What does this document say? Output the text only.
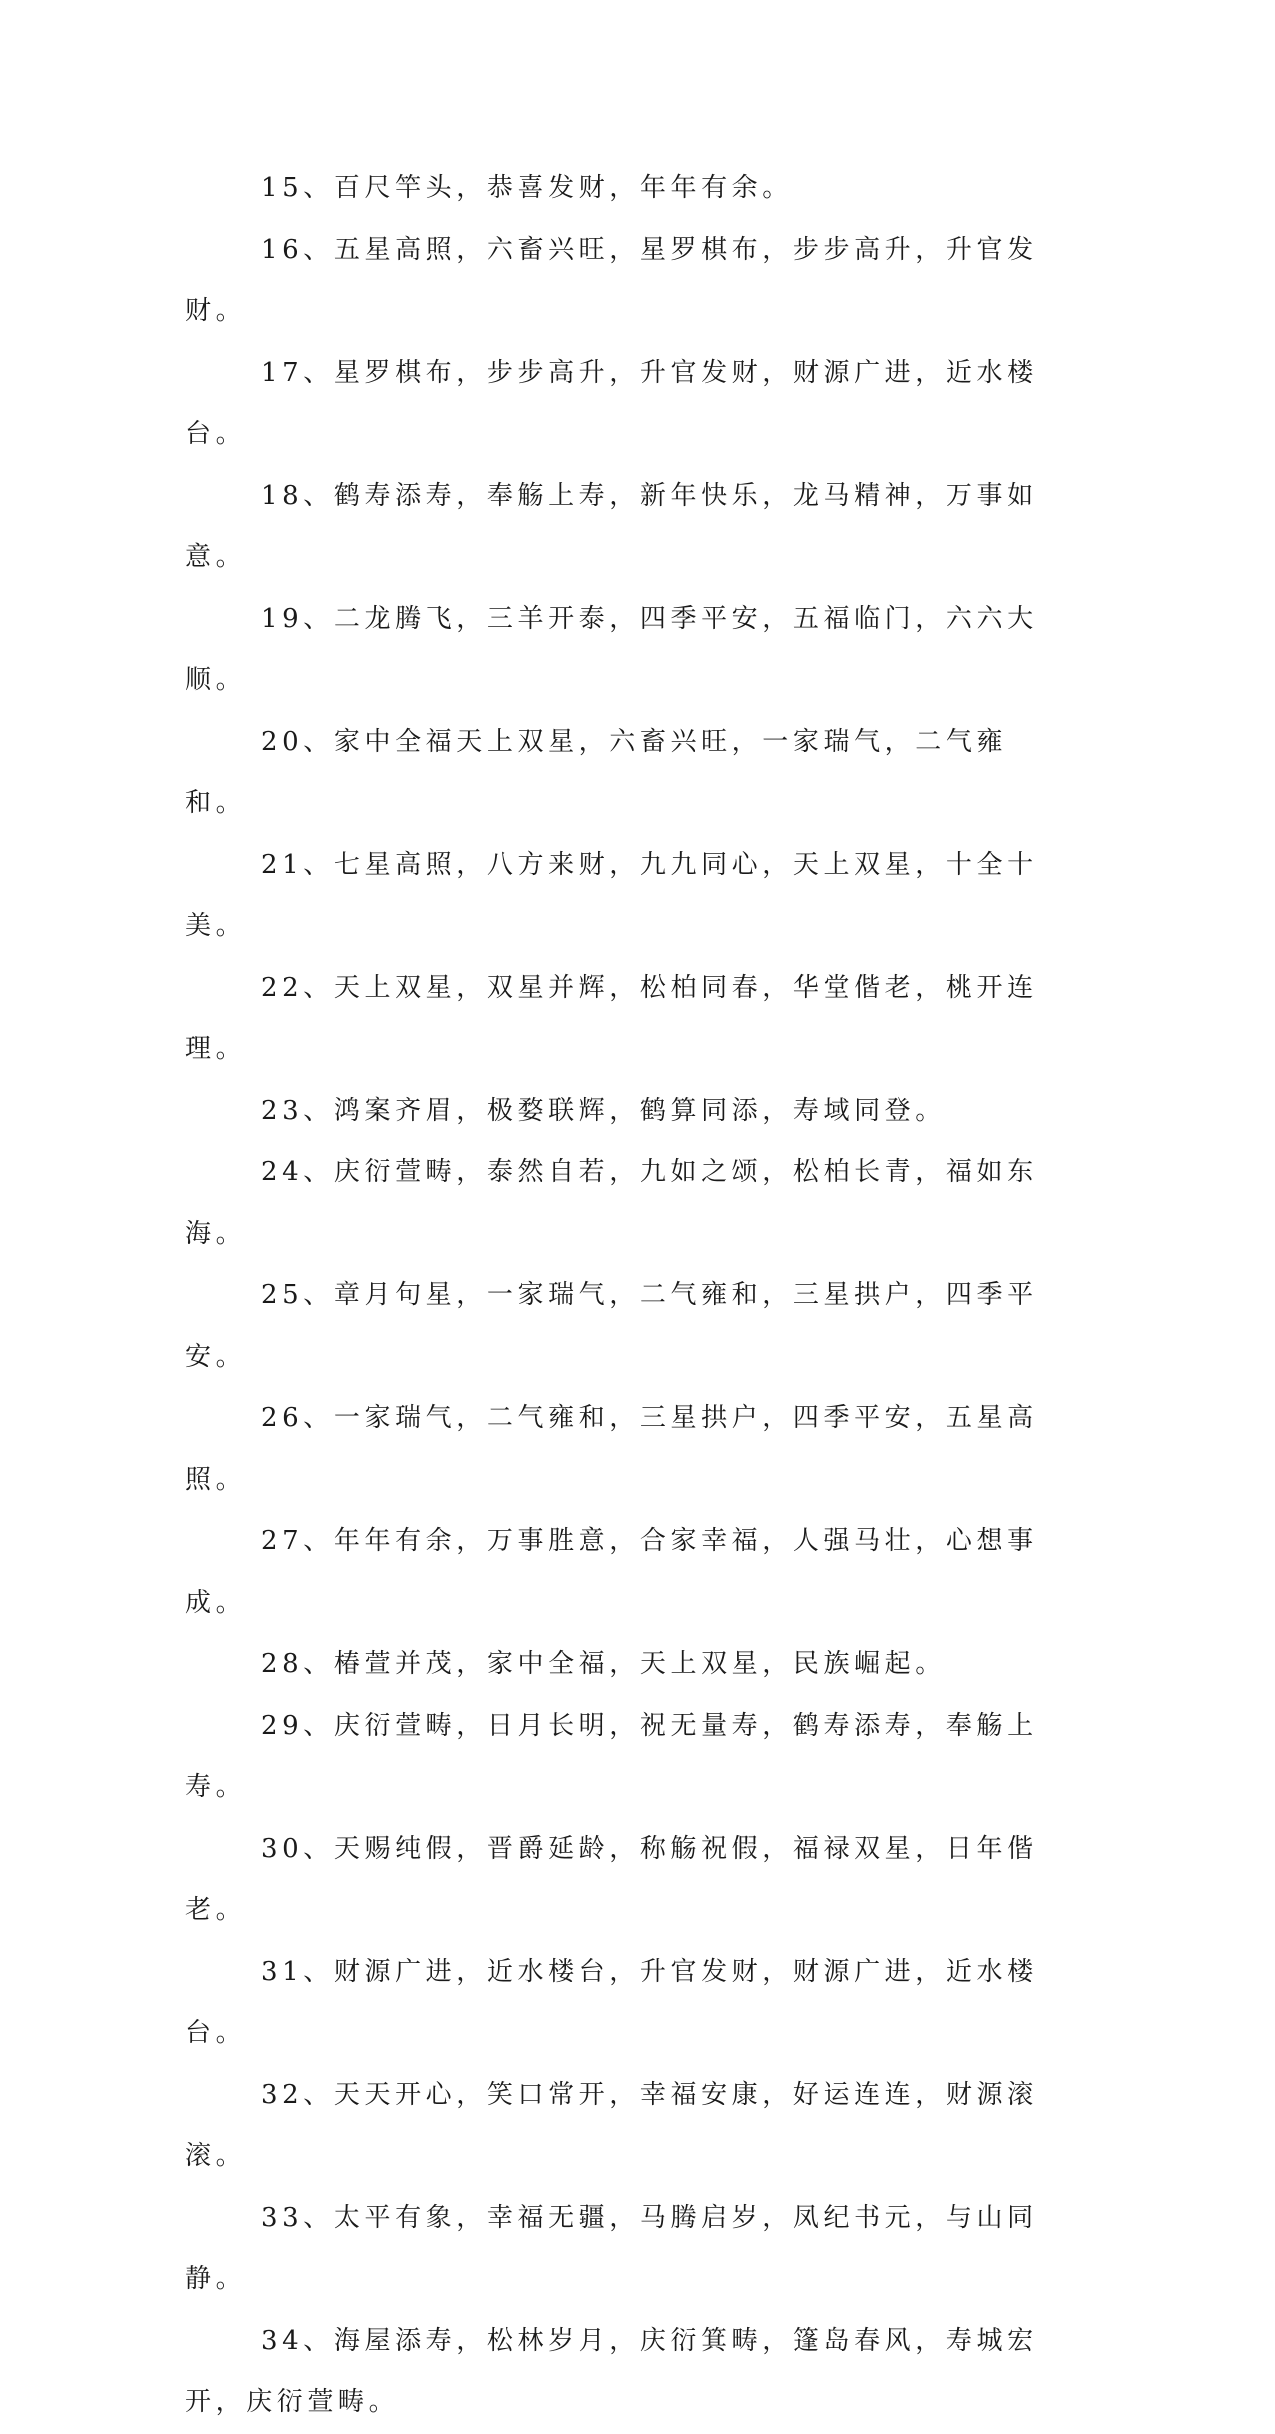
15、百尺竿头，恭喜发财，年年有余。

16、五星高照，六畜兴旺，星罗棋布，步步高升，升官发财。

17、星罗棋布，步步高升，升官发财，财源广进，近水楼台。

18、鹤寿添寿，奉觞上寿，新年快乐，龙马精神，万事如意。

19、二龙腾飞，三羊开泰，四季平安，五福临门，六六大顺。

20、家中全福天上双星，六畜兴旺，一家瑞气，二气雍和。

21、七星高照，八方来财，九九同心，天上双星，十全十美。

22、天上双星，双星并辉，松柏同春，华堂偕老，桃开连理。

23、鸿案齐眉，极婺联辉，鹤算同添，寿域同登。

24、庆衍萱畴，泰然自若，九如之颂，松柏长青，福如东海。

25、章月句星，一家瑞气，二气雍和，三星拱户，四季平安。

26、一家瑞气，二气雍和，三星拱户，四季平安，五星高照。

27、年年有余，万事胜意，合家幸福，人强马壮，心想事成。

28、椿萱并茂，家中全福，天上双星，民族崛起。

29、庆衍萱畴，日月长明，祝无量寿，鹤寿添寿，奉觞上寿。

30、天赐纯假，晋爵延龄，称觞祝假，福禄双星，日年偕老。

31、财源广进，近水楼台，升官发财，财源广进，近水楼台。

32、天天开心，笑口常开，幸福安康，好运连连，财源滚滚。

33、太平有象，幸福无疆，马腾启岁，凤纪书元，与山同静。

34、海屋添寿，松林岁月，庆衍箕畴，篷岛春风，寿城宏开，庆衍萱畴。
